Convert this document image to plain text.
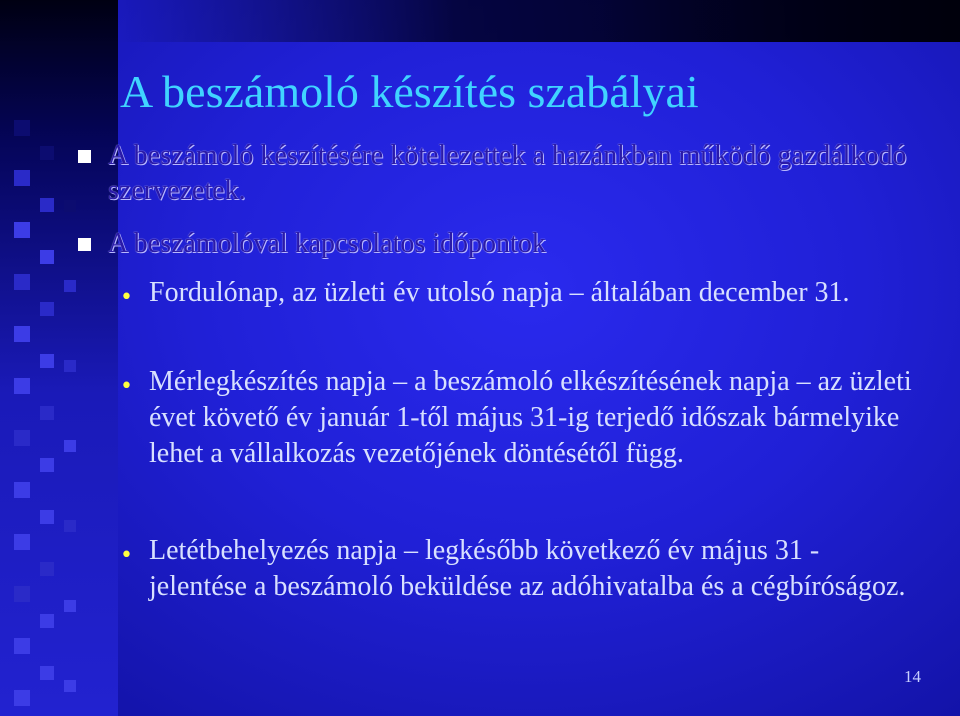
A beszámoló készítés szabályai
A beszámoló készítésére kötelezettek a hazánkban működő gazdálkodó szervezetek.
A beszámolóval kapcsolatos időpontok
• Fordulónap, az üzleti év utolsó napja – általában december 31.
• Mérlegkészítés napja – a beszámoló elkészítésének napja – az üzleti évet követő év január 1-től május 31-ig terjedő időszak bármelyike lehet a vállalkozás vezetőjének döntésétől függ.
• Letétbehelyezés napja – legkésőbb következő év május 31 - jelentése a beszámoló beküldése az adóhivatalba és a cégbíróságoz.
14
